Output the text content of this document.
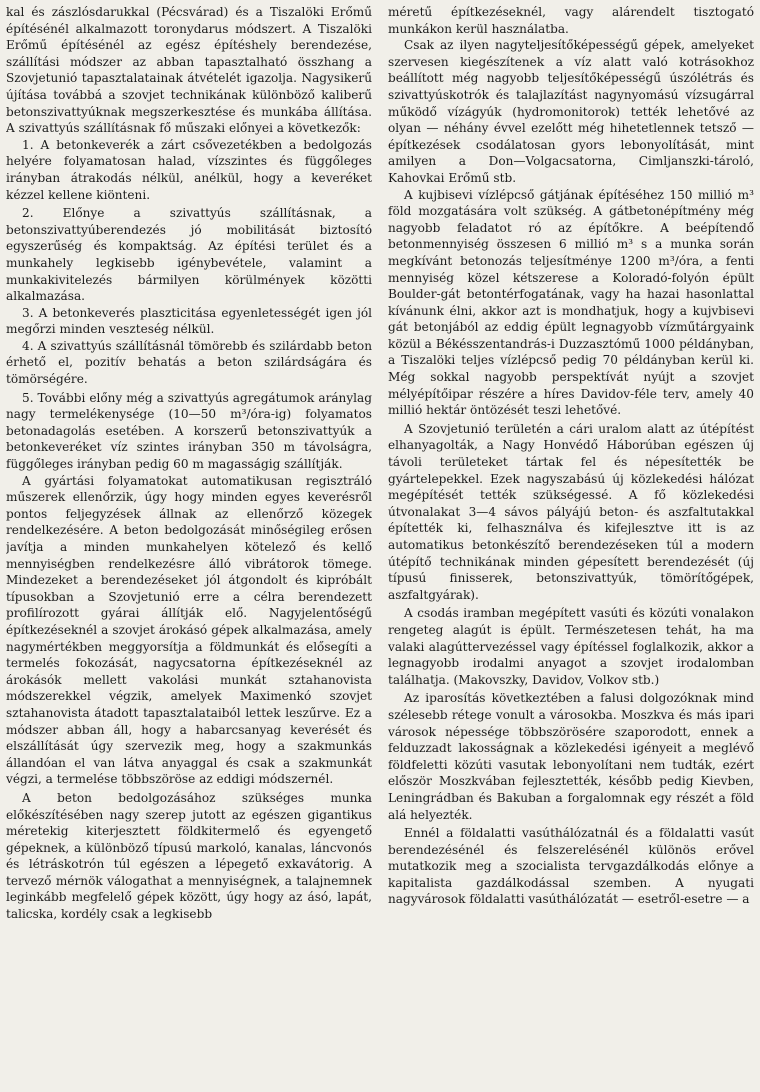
kal és zászlósdarukkal (Pécsvárad) és a Tiszalöki Erőmű építésénél alkalmazott toronydarus módszert. A Tiszalöki Erőmű építésénél az egész építéshely berendezése, szállítási módszer az abban tapasztalható összhang a Szovjetunió tapasztalatainak átvételét igazolja. Nagysikerű újítása továbbá a szovjet technikának különböző kaliberű betonszivattyúknak megszerkesztése és munkába állítása. A szivattyús szállításnak fő műszaki előnyei a következők:

1. A betonkeverék a zárt csővezetékben a bedolgozás helyére folyamatosan halad, vízszintes és függőleges irányban átrakodás nélkül, anélkül, hogy a keveréket kézzel kellene kiönteni.

2. Előnye a szivattyús szállításnak, a betonszivattyúberendezés jó mobilitását biztosító egyszerűség és kompaktság. Az építési terület és a munkahely legkisebb igénybevétele, valamint a munkakivitelezés bármilyen körülmények közötti alkalmazása.

3. A betonkeverés plaszticitása egyenletességét igen jól megőrzi minden veszteség nélkül.

4. A szivattyús szállításnál tömörebb és szilárdabb beton érhető el, pozitív behatás a beton szilárdságára és tömörségére.

5. További előny még a szivattyús agregátumok aránylag nagy termelékenysége (10—50 m³/óra-ig) folyamatos betonadagolás esetében. A korszerű betonszivattyúk a betonkeveréket víz szintes irányban 350 m távolságra, függőleges irányban pedig 60 m magasságig szállítják.

A gyártási folyamatokat automatikusan regisztráló műszerek ellenőrzik, úgy hogy minden egyes keverésről pontos feljegyzések állnak az ellenőrző közegek rendelkezésére. A beton bedolgozását minőségileg erősen javítja a minden munkahelyen kötelező és kellő mennyiségben rendelkezésre álló vibrátorok tömege. Mindezeket a berendezéseket jól átgondolt és kipróbált típusokban a Szovjetunió erre a célra berendezett profilírozott gyárai állítják elő. Nagyjelentőségű építkezéseknél a szovjet árokásó gépek alkalmazása, amely nagymértékben meggyorsítja a földmunkát és elősegíti a termelés fokozását, nagycsatorna építkezéseknél az árokásók mellett vakolási munkát sztahanovista módszerekkel végzik, amelyek Maximenkó szovjet sztahanovista átadott tapasztalataiból lettek leszűrve. Ez a módszer abban áll, hogy a habarcsanyag keverését és elszállítását úgy szervezik meg, hogy a szakmunkás állandóan el van látva anyaggal és csak a szakmunkát végzi, a termelése többszöröse az eddigi módszernél.

A beton bedolgozásához szükséges munka előkészítésében nagy szerep jutott az egészen gigantikus méretekig kiterjesztett földkitermelő és egyengető gépeknek, a különböző típusú markoló, kanalas, láncvonós és létráskotrón túl egészen a lépegető exkavátorig. A tervező mérnök válogathat a mennyiségnek, a talajnemnek leginkább megfelelő gépek között, úgy hogy az ásó, lapát, talicska, kordély csak a legkisebb

méretű építkezéseknél, vagy alárendelt tisztogató munkákon kerül használatba.

Csak az ilyen nagyteljesítőképességű gépek, amelyeket szervesen kiegészítenek a víz alatt való kotrásokhoz beállított még nagyobb teljesítőképességű úszólétrás és szivattyúskotrók és talajlazítást nagynyomású vízsugárral működő vízágyúk (hydromonitorok) tették lehetővé az olyan — néhány évvel ezelőtt még hihetetlennek tetsző — építkezések csodálatosan gyors lebonyolítását, mint amilyen a Don—Volgacsatorna, Cimljanszki-tároló, Kahovkai Erőmű stb.

A kujbisevi vízlépcső gátjának építéséhez 150 millió m³ föld mozgatására volt szükség. A gátbetonépítmény még nagyobb feladatot ró az építőkre. A beépítendő betonmennyiség összesen 6 millió m³ s a munka során megkívánt betonozás teljesítménye 1200 m³/óra, a fenti mennyiség közel kétszerese a Koloradó-folyón épült Boulder-gát betontérfogatának, vagy ha hazai hasonlattal kívánunk élni, akkor azt is mondhatjuk, hogy a kujvbisevi gát betonjából az eddig épült legnagyobb vízműtárgyaink közül a Békésszentandrás-i Duzzasztómű 1000 példányban, a Tiszalöki teljes vízlépcső pedig 70 példányban kerül ki. Még sokkal nagyobb perspektívát nyújt a szovjet mélyépítőipar részére a híres Davidov-féle terv, amely 40 millió hektár öntözését teszi lehetővé.

A Szovjetunió területén a cári uralom alatt az útépítést elhanyagolták, a Nagy Honvédő Háborúban egészen új távoli területeket tártak fel és népesítették be gyártelepekkel. Ezek nagyszabású új közlekedési hálózat megépítését tették szükségessé. A fő közlekedési útvonalakat 3—4 sávos pályájú beton- és aszfaltutakkal építették ki, felhasználva és kifejlesztve itt is az automatikus betonkészítő berendezéseken túl a modern útépítő technikának minden gépesített berendezését (új típusú finisserek, betonszivattyúk, tömörítőgépek, aszfaltgyárak).

A csodás iramban megépített vasúti és közúti vonalakon rengeteg alagút is épült. Természetesen tehát, ha ma valaki alagúttervezéssel vagy építéssel foglalkozik, akkor a legnagyobb irodalmi anyagot a szovjet irodalomban találhatja. (Makovszky, Davidov, Volkov stb.)

Az iparosítás következtében a falusi dolgozóknak mind szélesebb rétege vonult a városokba. Moszkva és más ipari városok népessége többszörösére szaporodott, ennek a felduzzadt lakosságnak a közlekedési igényeit a meglévő földfeletti közúti vasutak lebonyolítani nem tudták, ezért először Moszkvában fejlesztették, később pedig Kievben, Leningrádban és Bakuban a forgalomnak egy részét a föld alá helyezték.

Ennél a földalatti vasúthálózatnál és a földalatti vasút berendezésénél és felszerelésénél különös erővel mutatkozik meg a szocialista tervgazdálkodás előnye a kapitalista gazdálkodással szemben. A nyugati nagyvárosok földalatti vasúthálózatát — esetről-esetre — a
